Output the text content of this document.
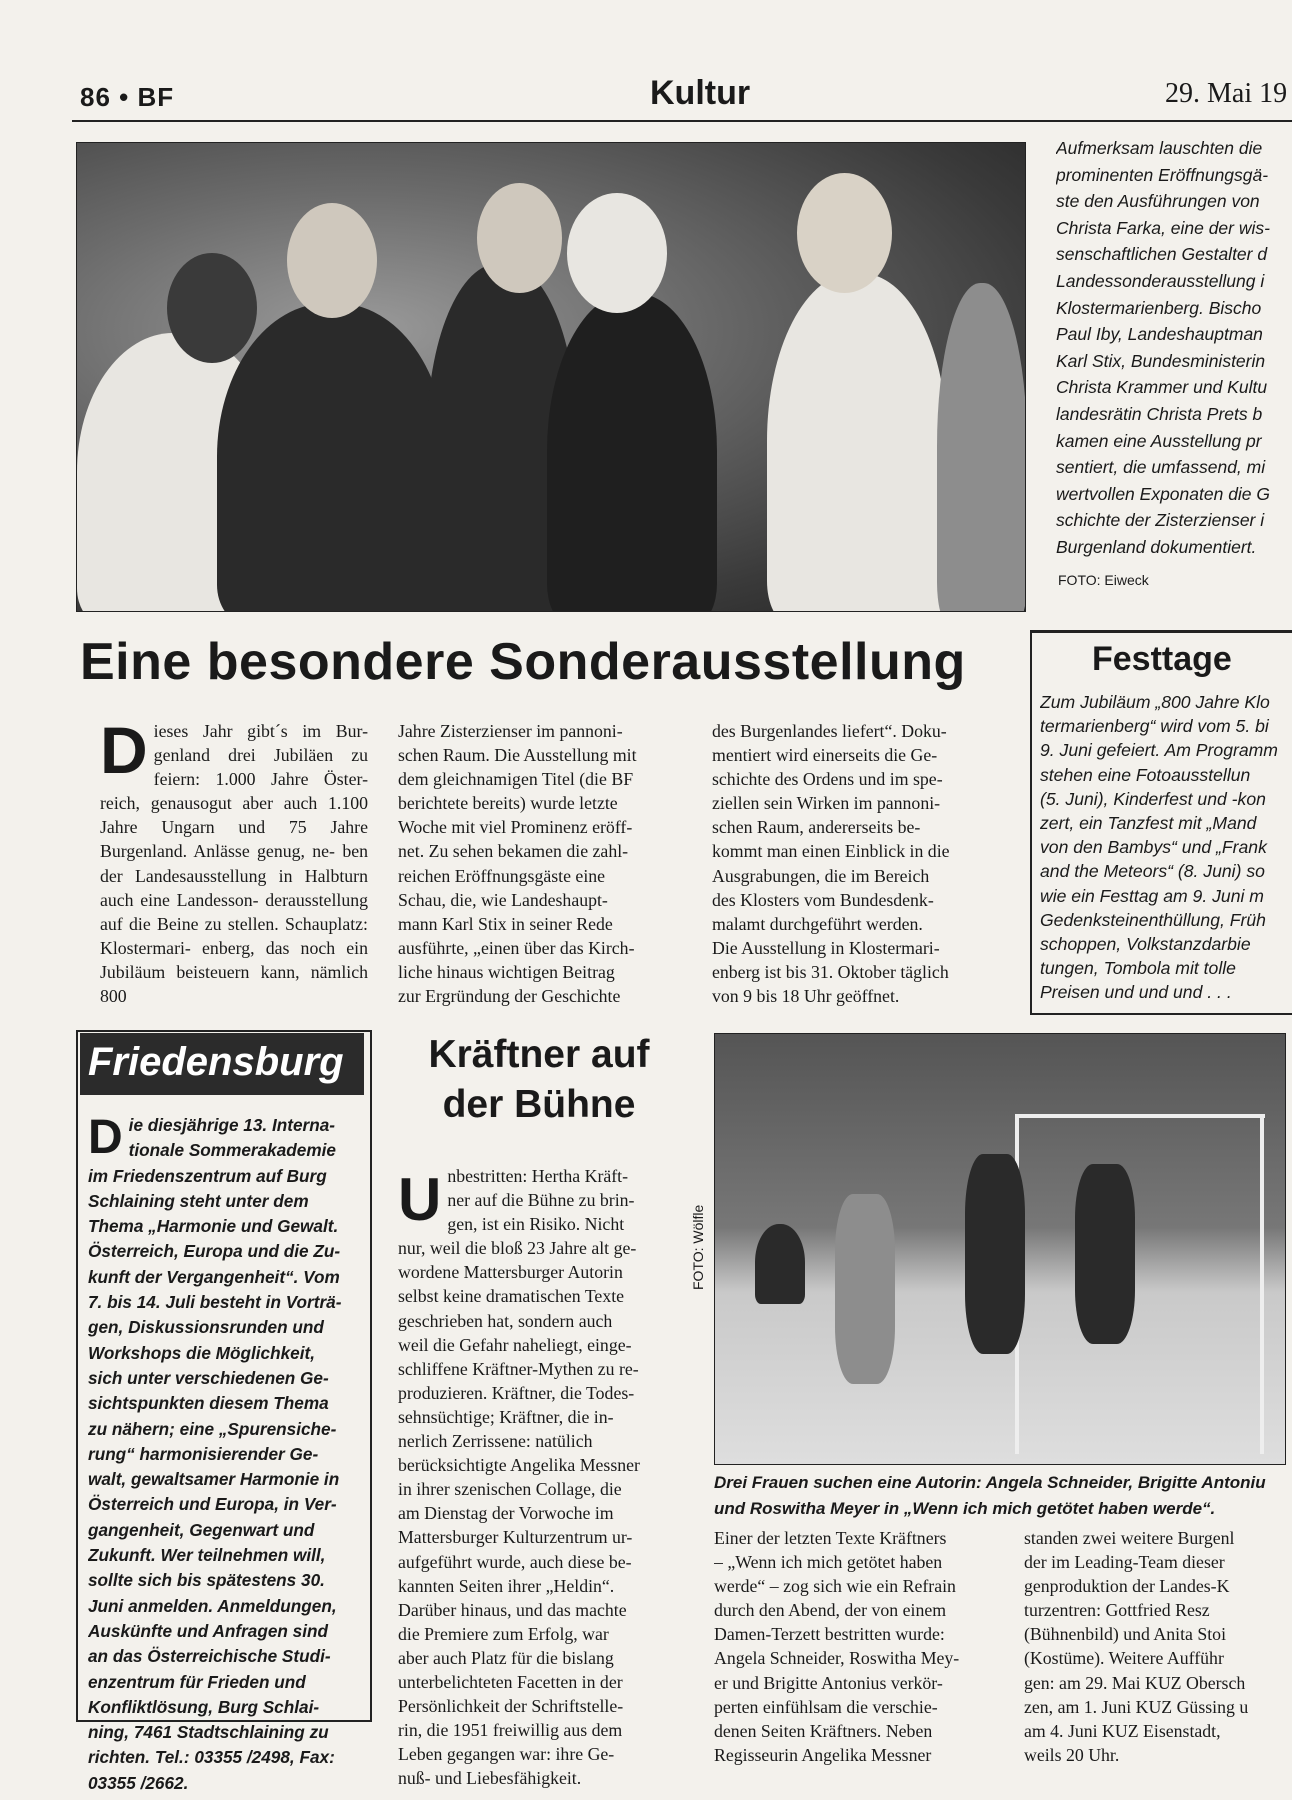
86 • BF	Kultur	29. Mai 19
Aufmerksam lauschten die
prominenten Eröffnungsgä-
ste den Ausführungen von
Christa Farka, eine der wis-
senschaftlichen Gestalter d
Landessonderausstellung i
Klostermarienberg. Bischo
Paul Iby, Landeshauptman
Karl Stix, Bundesministerin
Christa Krammer und Kultu
landesrätin Christa Prets b
kamen eine Ausstellung pr
sentiert, die umfassend, mi
wertvollen Exponaten die G
schichte der Zisterzienser i
Burgenland dokumentiert.
FOTO: Eiweck
Eine besondere Sonderausstellung
D ieses Jahr gibt´s im Bur- genland drei Jubiläen zu feiern: 1.000 Jahre Öster- reich, genausogut aber auch 1.100 Jahre Ungarn und 75 Jahre Burgenland. Anlässe genug, ne- ben der Landesausstellung in Halbturn auch eine Landesson- derausstellung auf die Beine zu stellen. Schauplatz: Klostermari- enberg, das noch ein Jubiläum beisteuern kann, nämlich 800
Jahre Zisterzienser im pannoni-
schen Raum. Die Ausstellung mit
dem gleichnamigen Titel (die BF
berichtete bereits) wurde letzte
Woche mit viel Prominenz eröff-
net. Zu sehen bekamen die zahl-
reichen Eröffnungsgäste eine
Schau, die, wie Landeshaupt-
mann Karl Stix in seiner Rede
ausführte, „einen über das Kirch-
liche hinaus wichtigen Beitrag
zur Ergründung der Geschichte
des Burgenlandes liefert“. Doku-
mentiert wird einerseits die Ge-
schichte des Ordens und im spe-
ziellen sein Wirken im pannoni-
schen Raum, andererseits be-
kommt man einen Einblick in die
Ausgrabungen, die im Bereich
des Klosters vom Bundesdenk-
malamt durchgeführt werden.
Die Ausstellung in Klostermari-
enberg ist bis 31. Oktober täglich
von 9 bis 18 Uhr geöffnet.
Festtage
Zum Jubiläum „800 Jahre Klo
termarienberg“ wird vom 5. bi
9. Juni gefeiert. Am Programm
stehen eine Fotoausstellun
(5. Juni), Kinderfest und -kon
zert, ein Tanzfest mit „Mand
von den Bambys“ und „Frank
and the Meteors“ (8. Juni) so
wie ein Festtag am 9. Juni m
Gedenksteinenthüllung, Früh
schoppen, Volkstanzdarbie
tungen, Tombola mit tolle
Preisen und und und . . .
Friedensburg
D ie diesjährige 13. Interna-
tionale Sommerakademie
im Friedenszentrum auf Burg
Schlaining steht unter dem
Thema „Harmonie und Gewalt.
Österreich, Europa und die Zu-
kunft der Vergangenheit“. Vom
7. bis 14. Juli besteht in Vorträ-
gen, Diskussionsrunden und
Workshops die Möglichkeit,
sich unter verschiedenen Ge-
sichtspunkten diesem Thema
zu nähern; eine „Spurensiche-
rung“ harmonisierender Ge-
walt, gewaltsamer Harmonie in
Österreich und Europa, in Ver-
gangenheit, Gegenwart und
Zukunft. Wer teilnehmen will,
sollte sich bis spätestens 30.
Juni anmelden. Anmeldungen,
Auskünfte und Anfragen sind
an das Österreichische Studi-
enzentrum für Frieden und
Konfliktlösung, Burg Schlai-
ning, 7461 Stadtschlaining zu
richten. Tel.: 03355 /2498, Fax:
03355 /2662.
Kräftner auf
der Bühne
U nbestritten: Hertha Kräft-
ner auf die Bühne zu brin-
gen, ist ein Risiko. Nicht
nur, weil die bloß 23 Jahre alt ge-
wordene Mattersburger Autorin
selbst keine dramatischen Texte
geschrieben hat, sondern auch
weil die Gefahr naheliegt, einge-
schliffene Kräftner-Mythen zu re-
produzieren. Kräftner, die Todes-
sehnsüchtige; Kräftner, die in-
nerlich Zerrissene: natülich
berücksichtigte Angelika Messner
in ihrer szenischen Collage, die
am Dienstag der Vorwoche im
Mattersburger Kulturzentrum ur-
aufgeführt wurde, auch diese be-
kannten Seiten ihrer „Heldin“.
Darüber hinaus, und das machte
die Premiere zum Erfolg, war
aber auch Platz für die bislang
unterbelichteten Facetten in der
Persönlichkeit der Schriftstelle-
rin, die 1951 freiwillig aus dem
Leben gegangen war: ihre Ge-
nuß- und Liebesfähigkeit.
FOTO: Wölfle
Drei Frauen suchen eine Autorin: Angela Schneider, Brigitte Antoniu
und Roswitha Meyer in „Wenn ich mich getötet haben werde“.
Einer der letzten Texte Kräftners
– „Wenn ich mich getötet haben
werde“ – zog sich wie ein Refrain
durch den Abend, der von einem
Damen-Terzett bestritten wurde:
Angela Schneider, Roswitha Mey-
er und Brigitte Antonius verkör-
perten einfühlsam die verschie-
denen Seiten Kräftners. Neben
Regisseurin Angelika Messner
standen zwei weitere Burgenl
der im Leading-Team dieser
genproduktion der Landes-K
turzentren: Gottfried Resz
(Bühnenbild) und Anita Stoi
(Kostüme). Weitere Aufführ
gen: am 29. Mai KUZ Obersch
zen, am 1. Juni KUZ Güssing u
am 4. Juni KUZ Eisenstadt,
weils 20 Uhr.
